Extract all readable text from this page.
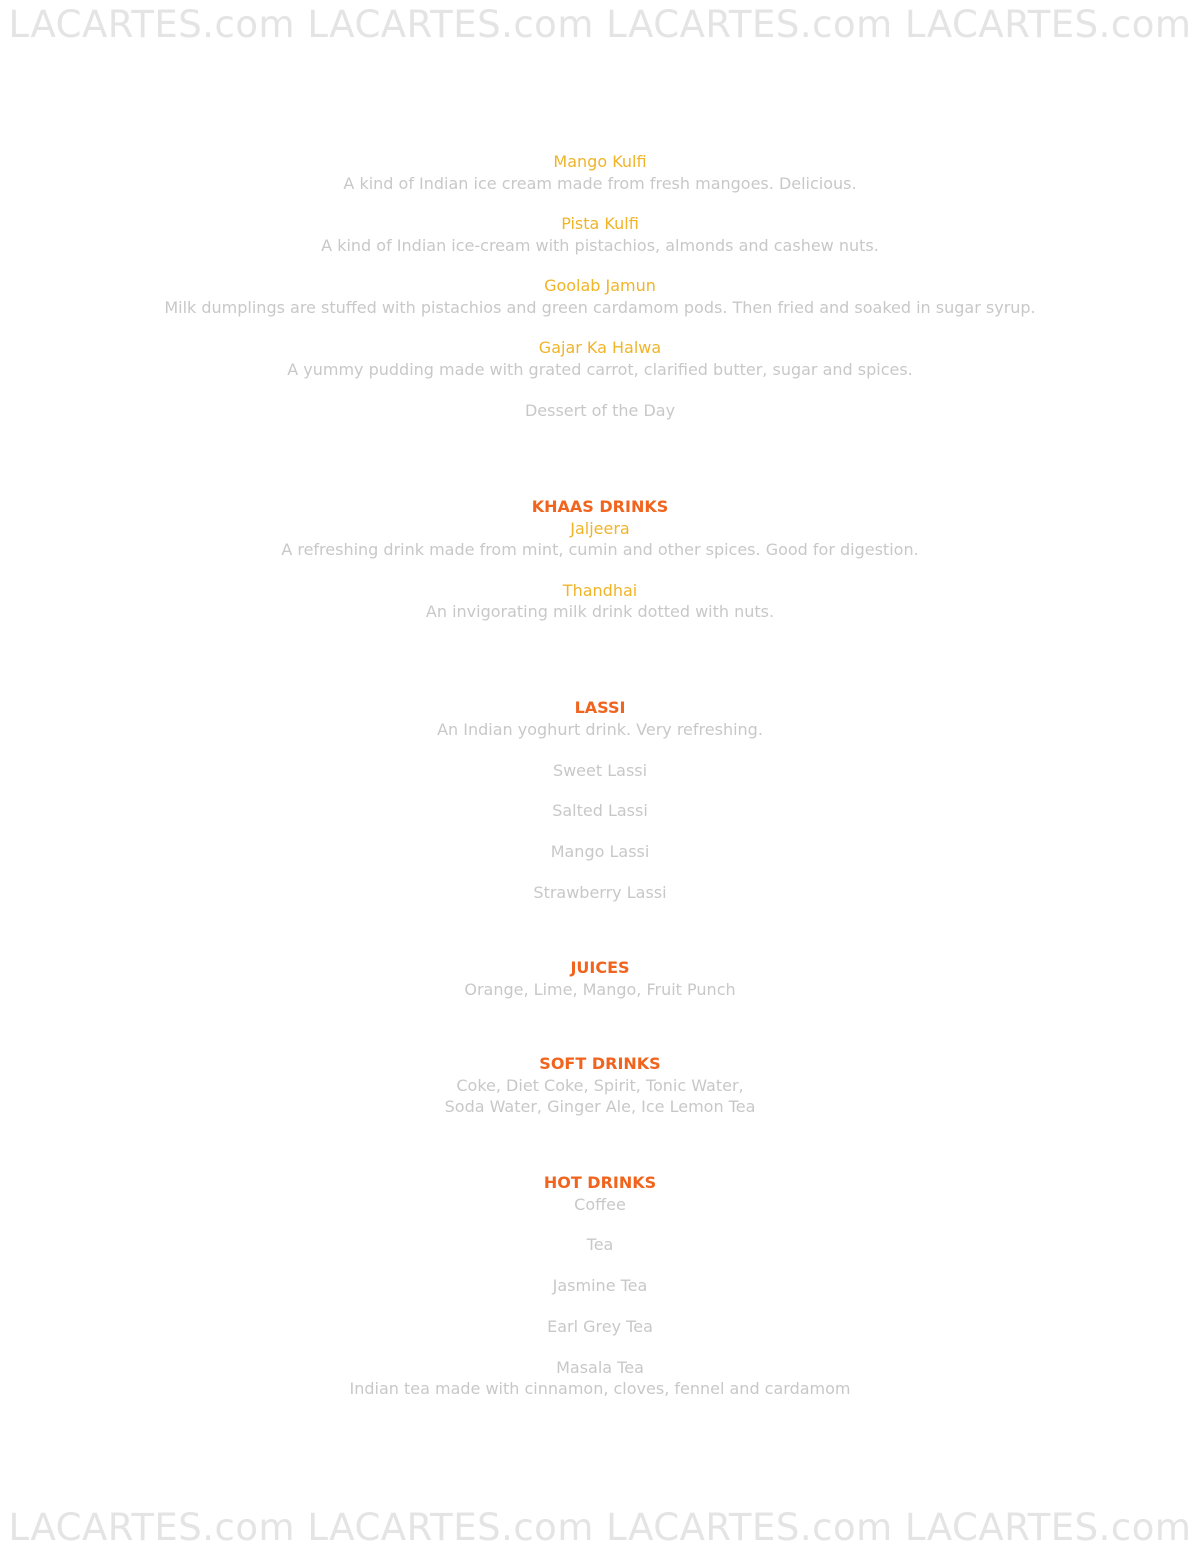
LACARTES.com LACARTES.com LACARTES.com LACARTES.com
LACARTES.com LACARTES.com LACARTES.com LACARTES.com
Mango Kulfi
A kind of Indian ice cream made from fresh mangoes. Delicious.
Pista Kulfi
A kind of Indian ice-cream with pistachios, almonds and cashew nuts.
Goolab Jamun
Milk dumplings are stuffed with pistachios and green cardamom pods. Then fried and soaked in sugar syrup.
Gajar Ka Halwa
A yummy pudding made with grated carrot, clarified butter, sugar and spices.
Dessert of the Day
KHAAS DRINKS
Jaljeera
A refreshing drink made from mint, cumin and other spices. Good for digestion.
Thandhai
An invigorating milk drink dotted with nuts.
LASSI
An Indian yoghurt drink. Very refreshing.
Sweet Lassi
Salted Lassi
Mango Lassi
Strawberry Lassi
JUICES
Orange, Lime, Mango, Fruit Punch
SOFT DRINKS
Coke, Diet Coke, Spirit, Tonic Water,
Soda Water, Ginger Ale, Ice Lemon Tea
HOT DRINKS
Coffee
Tea
Jasmine Tea
Earl Grey Tea
Masala Tea
Indian tea made with cinnamon, cloves, fennel and cardamom
